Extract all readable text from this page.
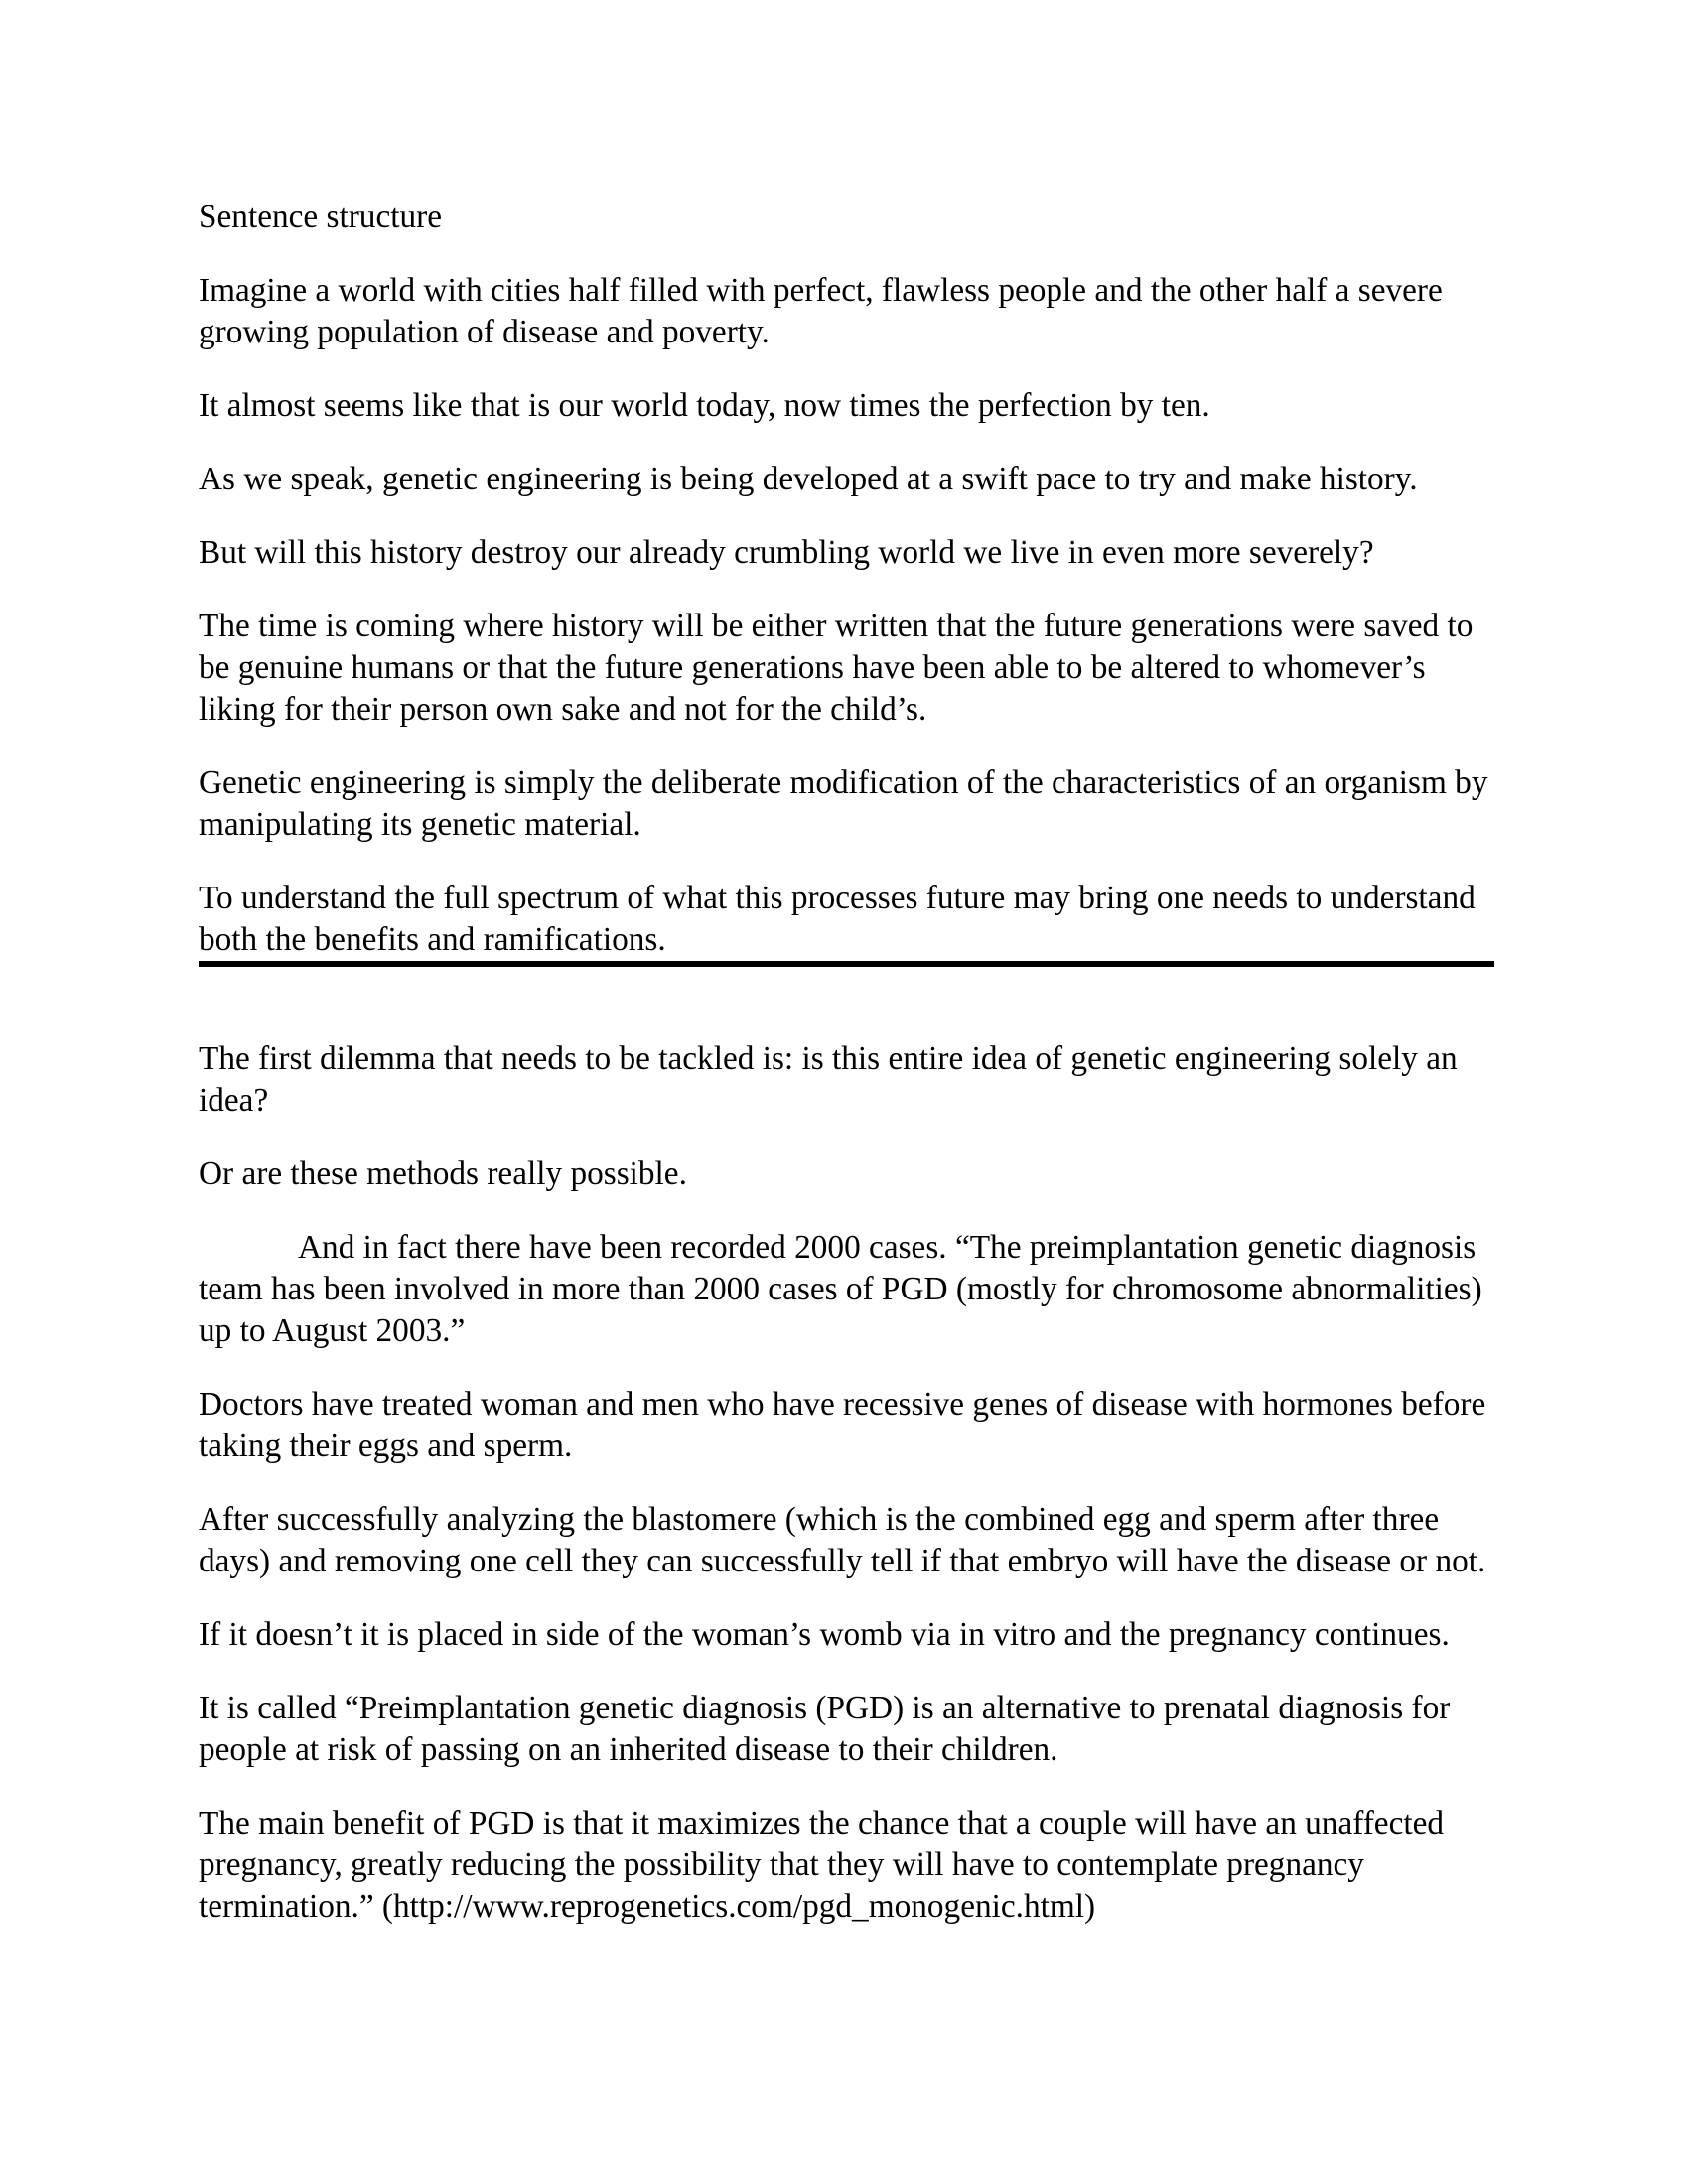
Sentence structure

Imagine a world with cities half filled with perfect, flawless people and the other half a severe growing population of disease and poverty.

It almost seems like that is our world today, now times the perfection by ten.

As we speak, genetic engineering is being developed at a swift pace to try and make history.

But will this history destroy our already crumbling world we live in even more severely?

The time is coming where history will be either written that the future generations were saved to be genuine humans or that the future generations have been able to be altered to whomever’s liking for their person own sake and not for the child’s.

Genetic engineering is simply the deliberate modification of the characteristics of an organism by manipulating its genetic material.

To understand the full spectrum of what this processes future may bring one needs to understand both the benefits and ramifications.

The first dilemma that needs to be tackled is: is this entire idea of genetic engineering solely an idea?

Or are these methods really possible.

And in fact there have been recorded 2000 cases. “The preimplantation genetic diagnosis team has been involved in more than 2000 cases of PGD (mostly for chromosome abnormalities) up to August 2003.”

Doctors have treated woman and men who have recessive genes of disease with hormones before taking their eggs and sperm.

After successfully analyzing the blastomere (which is the combined egg and sperm after three days) and removing one cell they can successfully tell if that embryo will have the disease or not.

If it doesn’t it is placed in side of the woman’s womb via in vitro and the pregnancy continues.

It is called “Preimplantation genetic diagnosis (PGD) is an alternative to prenatal diagnosis for people at risk of passing on an inherited disease to their children.

The main benefit of PGD is that it maximizes the chance that a couple will have an unaffected pregnancy, greatly reducing the possibility that they will have to contemplate pregnancy termination.” (http://www.reprogenetics.com/pgd_monogenic.html)
